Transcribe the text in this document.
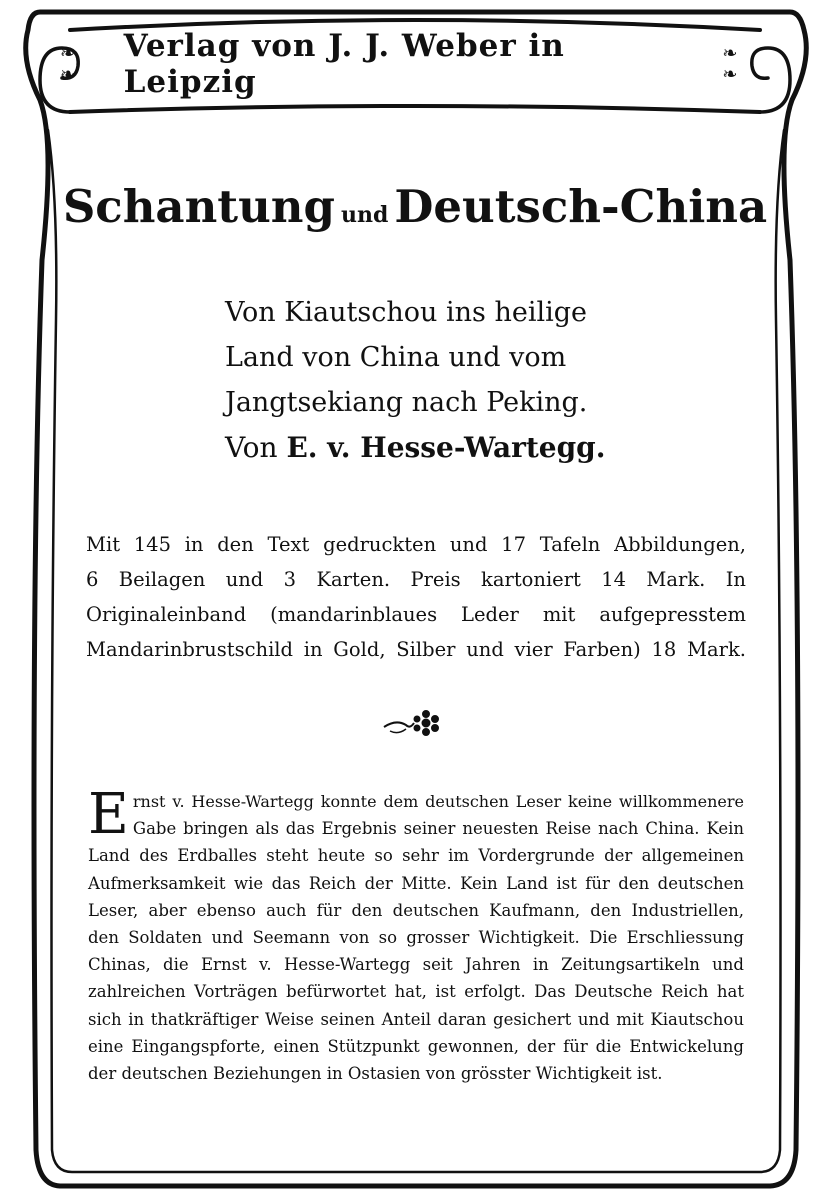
❧ ❧
Verlag von J. J. Weber in Leipzig
❧ ❧
Schantung und Deutsch-China
Von Kiautschou ins heilige
Land von China und vom
Jangtsekiang nach Peking.
Von E. v. Hesse-Wartegg.
Mit 145 in den Text gedruckten und 17 Tafeln Abbildungen,
6 Beilagen und 3 Karten. Preis kartoniert 14 Mark. In
Originaleinband (mandarinblaues Leder mit aufgepresstem
Mandarinbrustschild in Gold, Silber und vier Farben) 18 Mark.
E rnst v. Hesse-Wartegg konnte dem deutschen Leser keine willkommenere
Gabe bringen als das Ergebnis seiner neuesten Reise nach China. Kein
Land des Erdballes steht heute so sehr im Vordergrunde der allgemeinen
Aufmerksamkeit wie das Reich der Mitte. Kein Land ist für den deutschen
Leser, aber ebenso auch für den deutschen Kaufmann, den Industriellen,
den Soldaten und Seemann von so grosser Wichtigkeit. Die Erschliessung
Chinas, die Ernst v. Hesse-Wartegg seit Jahren in Zeitungsartikeln und
zahlreichen Vorträgen befürwortet hat, ist erfolgt. Das Deutsche Reich hat
sich in thatkräftiger Weise seinen Anteil daran gesichert und mit Kiautschou
eine Eingangspforte, einen Stützpunkt gewonnen, der für die Entwickelung
der deutschen Beziehungen in Ostasien von grösster Wichtigkeit ist.
